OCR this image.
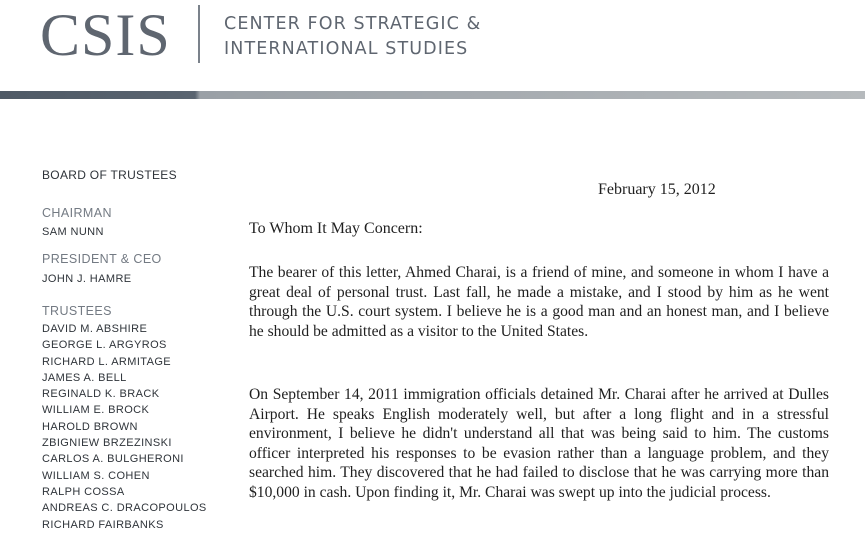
CSIS	CENTER FOR STRATEGIC &
INTERNATIONAL STUDIES
BOARD OF TRUSTEES
CHAIRMAN
SAM NUNN
PRESIDENT & CEO
JOHN J. HAMRE
TRUSTEES
DAVID M. ABSHIRE
GEORGE L. ARGYROS
RICHARD L. ARMITAGE
JAMES A. BELL
REGINALD K. BRACK
WILLIAM E. BROCK
HAROLD BROWN
ZBIGNIEW BRZEZINSKI
CARLOS A. BULGHERONI
WILLIAM S. COHEN
RALPH COSSA
ANDREAS C. DRACOPOULOS
RICHARD FAIRBANKS
February 15, 2012
To Whom It May Concern:

The bearer of this letter, Ahmed Charai, is a friend of mine, and someone in whom I have a great deal of personal trust. Last fall, he made a mistake, and I stood by him as he went through the U.S. court system. I believe he is a good man and an honest man, and I believe he should be admitted as a visitor to the United States.

On September 14, 2011 immigration officials detained Mr. Charai after he arrived at Dulles Airport. He speaks English moderately well, but after a long flight and in a stressful environment, I believe he didn't understand all that was being said to him. The customs officer interpreted his responses to be evasion rather than a language problem, and they searched him. They discovered that he had failed to disclose that he was carrying more than $10,000 in cash. Upon finding it, Mr. Charai was swept up into the judicial process.
